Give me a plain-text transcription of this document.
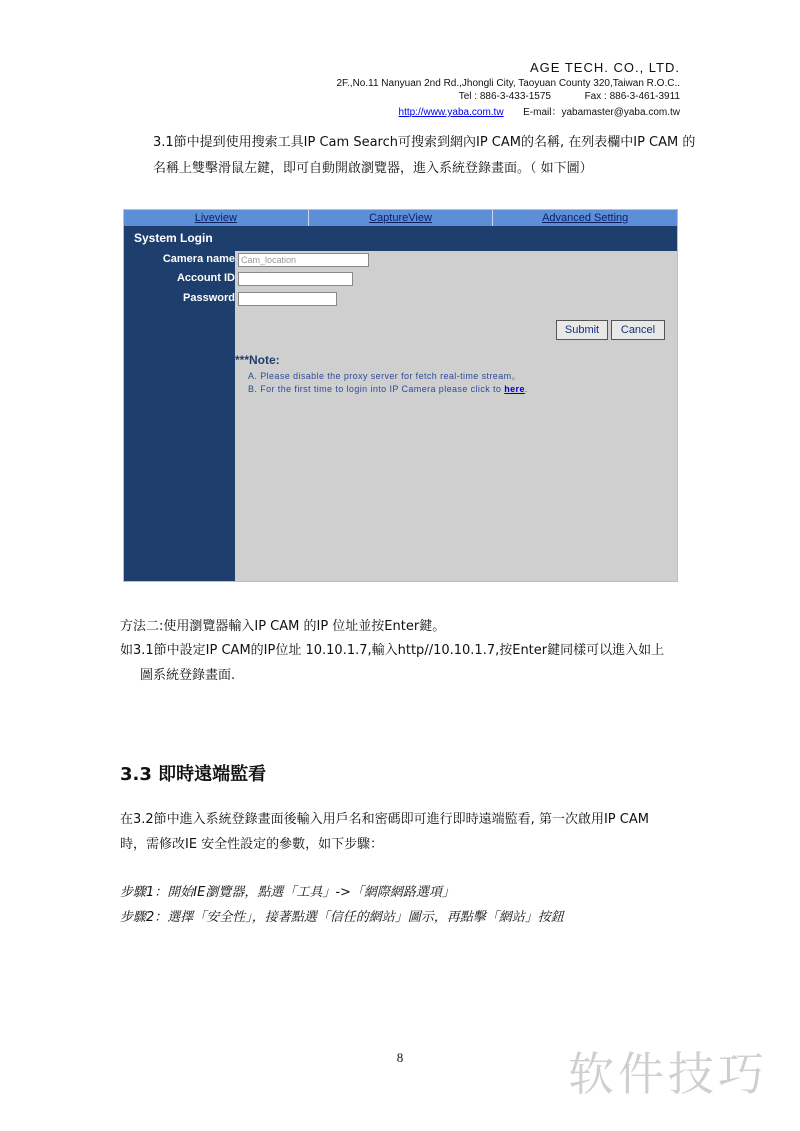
AGE TECH. CO., LTD.
2F.,No.11 Nanyuan 2nd Rd.,Jhongli City, Taoyuan County 320,Taiwan R.O.C..
Tel : 886-3-433-1575	Fax : 886-3-461-3911
http://www.yaba.com.tw E-mail：yabamaster@yaba.com.tw
3.1節中提到使用搜索工具IP Cam Search可搜索到網內IP CAM的名稱, 在列表欄中IP CAM 的
名稱上雙擊滑鼠左鍵，即可自動開啟瀏覽器，進入系統登錄畫面。（ 如下圖）
Liveview	CaptureView	Advanced Setting
System Login
Camera name Cam_location
Account ID
Password
Submit	Cancel
***Note:
A. Please disable the proxy server for fetch real-time stream。
B. For the first time to login into IP Camera please click to here.
方法二:使用瀏覽器輸入IP CAM 的IP 位址並按Enter鍵。
如3.1節中設定IP CAM的IP位址 10.10.1.7,輸入http//10.10.1.7,按Enter鍵同樣可以進入如上
圖系統登錄畫面.
3.3 即時遠端監看
在3.2節中進入系統登錄畫面後輸入用戶名和密碼即可進行即時遠端監看, 第一次啟用IP CAM
時，需修改IE 安全性設定的參數，如下步驟：
步驟1：開始IE瀏覽器，點選「工具」->「網際網路選項」
步驟2：選擇「安全性」，接著點選「信任的網站」圖示，再點擊「網站」按鈕
8	软件技巧
